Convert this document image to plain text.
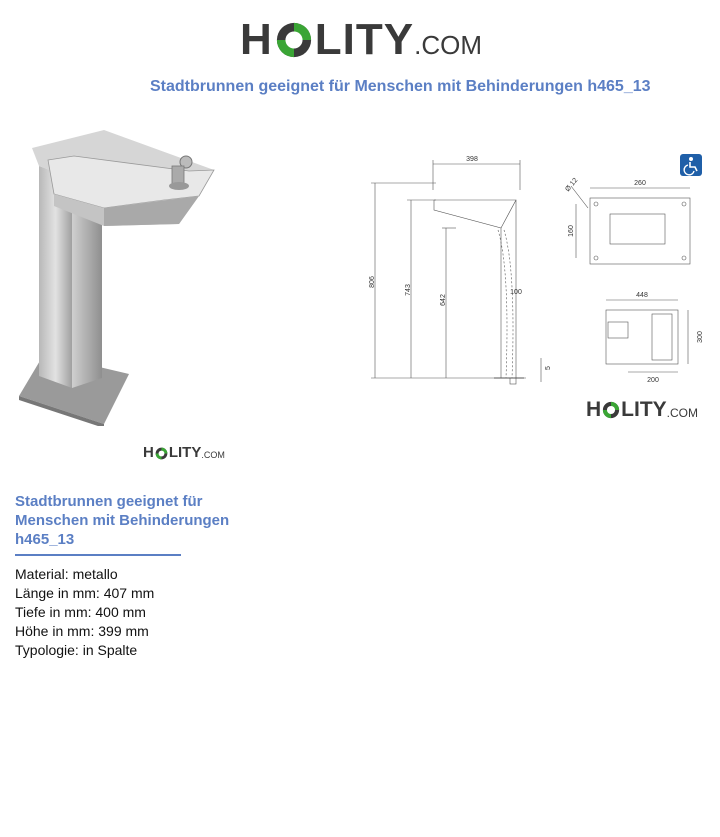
H LITY .COM
Stadtbrunnen geeignet für Menschen mit Behinderungen h465_13
H LITY .COM
398
806
743
642
100
5
260
160
Ø 12
448
300
200
H LITY .COM
Stadtbrunnen geeignet für Menschen mit Behinderungen h465_13
Material: metallo
Länge in mm: 407 mm
Tiefe in mm: 400 mm
Höhe in mm: 399 mm
Typologie: in Spalte
